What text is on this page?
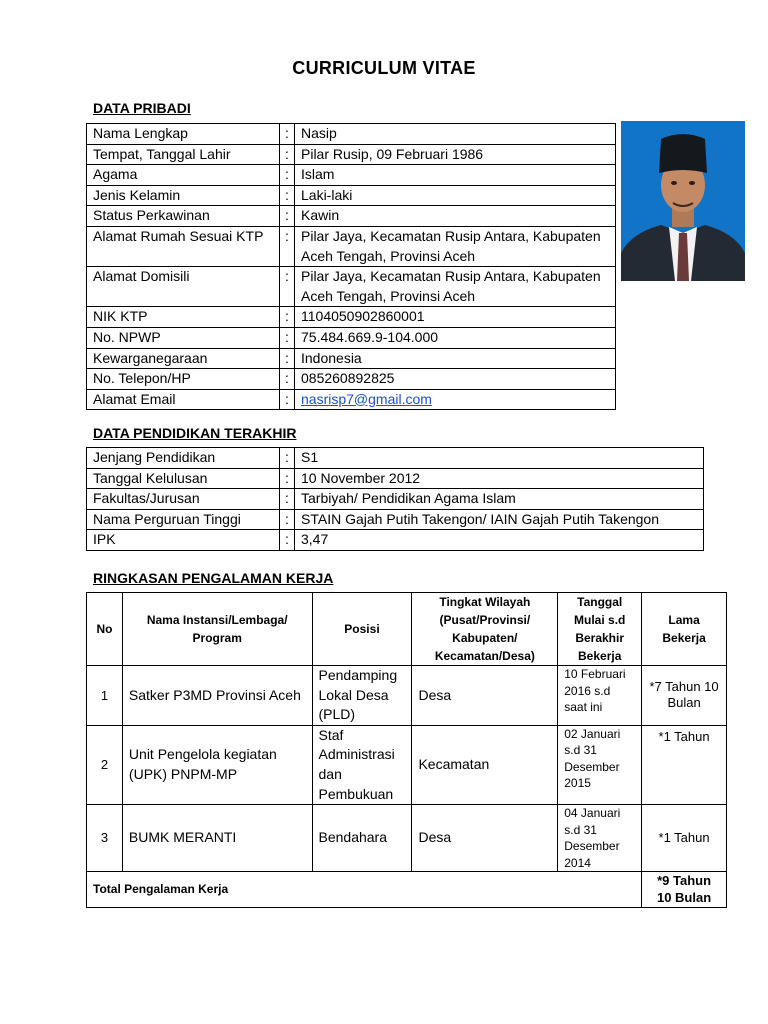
CURRICULUM VITAE
DATA PRIBADI
Nama Lengkap	:	Nasip
Tempat, Tanggal Lahir	:	Pilar Rusip, 09 Februari 1986
Agama	:	Islam
Jenis Kelamin	:	Laki-laki
Status Perkawinan	:	Kawin
Alamat Rumah Sesuai KTP	:	Pilar Jaya, Kecamatan Rusip Antara, Kabupaten Aceh Tengah, Provinsi Aceh
Alamat Domisili	:	Pilar Jaya, Kecamatan Rusip Antara, Kabupaten Aceh Tengah, Provinsi Aceh
NIK KTP	:	1104050902860001
No. NPWP	:	75.484.669.9-104.000
Kewarganegaraan	:	Indonesia
No. Telepon/HP	:	085260892825
Alamat Email	:	nasrisp7@gmail.com
DATA PENDIDIKAN TERAKHIR
Jenjang Pendidikan	:	S1
Tanggal Kelulusan	:	10 November 2012
Fakultas/Jurusan	:	Tarbiyah/ Pendidikan Agama Islam
Nama Perguruan Tinggi	:	STAIN Gajah Putih Takengon/ IAIN Gajah Putih Takengon
IPK	:	3,47
RINGKASAN PENGALAMAN KERJA
No	Nama Instansi/Lembaga/ Program	Posisi	Tingkat Wilayah (Pusat/Provinsi/ Kabupaten/ Kecamatan/Desa)	Tanggal Mulai s.d Berakhir Bekerja	Lama Bekerja
1	Satker P3MD Provinsi Aceh	Pendamping Lokal Desa (PLD)	Desa	10 Februari 2016 s.d saat ini	*7 Tahun 10 Bulan
2	Unit Pengelola kegiatan (UPK) PNPM-MP	Staf Administrasi dan Pembukuan	Kecamatan	02 Januari s.d 31 Desember 2015	*1 Tahun
3	BUMK MERANTI	Bendahara	Desa	04 Januari s.d 31 Desember 2014	*1 Tahun
Total Pengalaman Kerja					*9 Tahun 10 Bulan
